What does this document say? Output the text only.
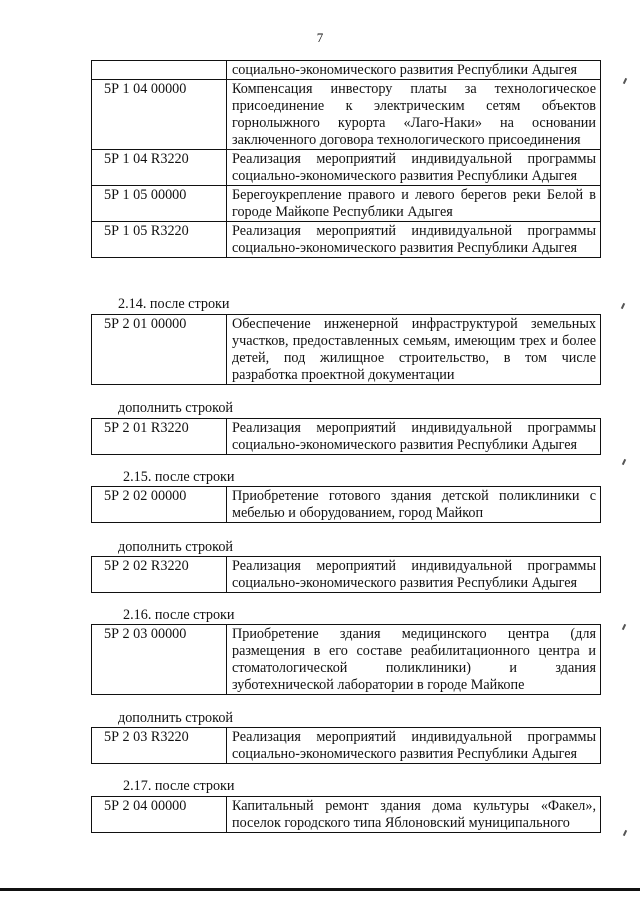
7
	социально-экономического развития Республики Адыгея
5Р 1 04 00000	Компенсация инвестору платы за технологическое присоединение к электрическим сетям объектов горнолыжного курорта «Лаго-Наки» на основании заключенного договора технологического присоединения
5Р 1 04 R3220	Реализация мероприятий индивидуальной программы социально-экономического развития Республики Адыгея
5Р 1 05 00000	Берегоукрепление правого и левого берегов реки Белой в городе Майкопе Республики Адыгея
5Р 1 05 R3220	Реализация мероприятий индивидуальной программы социально-экономического развития Республики Адыгея
2.14. после строки
5Р 2 01 00000	Обеспечение инженерной инфраструктурой земельных участков, предоставленных семьям, имеющим трех и более детей, под жилищное строительство, в том числе разработка проектной документации
дополнить строкой
5Р 2 01 R3220	Реализация мероприятий индивидуальной программы социально-экономического развития Республики Адыгея
2.15. после строки
5Р 2 02 00000	Приобретение готового здания детской поликлиники с мебелью и оборудованием, город Майкоп
дополнить строкой
5Р 2 02 R3220	Реализация мероприятий индивидуальной программы социально-экономического развития Республики Адыгея
2.16. после строки
5Р 2 03 00000	Приобретение здания медицинского центра (для размещения в его составе реабилитационного центра и стоматологической поликлиники) и здания зуботехнической лаборатории в городе Майкопе
дополнить строкой
5Р 2 03 R3220	Реализация мероприятий индивидуальной программы социально-экономического развития Республики Адыгея
2.17. после строки
5Р 2 04 00000	Капитальный ремонт здания дома культуры «Факел», поселок городского типа Яблоновский муниципального
